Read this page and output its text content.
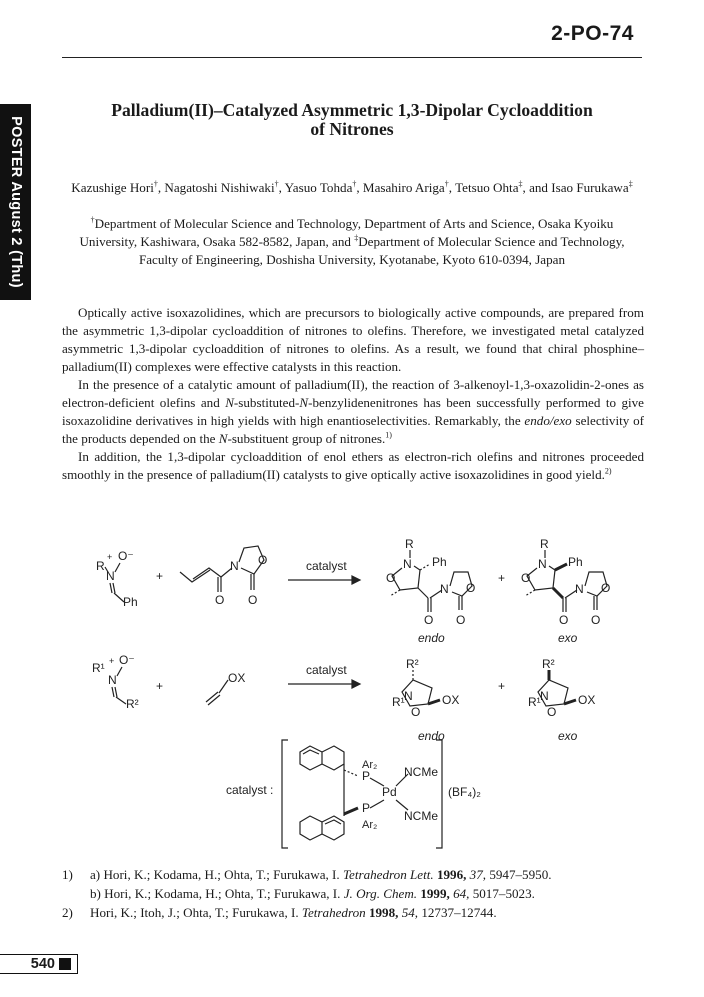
2-PO-74
POSTER August 2 (Thu)
Palladium(II)–Catalyzed Asymmetric 1,3-Dipolar Cycloaddition
of Nitrones
Kazushige Hori†, Nagatoshi Nishiwaki†, Yasuo Tohda†, Masahiro Ariga†, Tetsuo Ohta‡, and Isao Furukawa‡
†Department of Molecular Science and Technology, Department of Arts and Science, Osaka Kyoiku University, Kashiwara, Osaka 582-8582, Japan, and ‡Department of Molecular Science and Technology, Faculty of Engineering, Doshisha University, Kyotanabe, Kyoto 610-0394, Japan

Optically active isoxazolidines, which are precursors to biologically active compounds, are prepared from the asymmetric 1,3-dipolar cycloaddition of nitrones to olefins. Therefore, we investigated metal catalyzed asymmetric 1,3-dipolar cycloaddition of nitrones to olefins. As a result, we found that chiral phosphine–palladium(II) complexes were effective catalysts in this reaction.

In the presence of a catalytic amount of palladium(II), the reaction of 3-alkenoyl-1,3-oxazolidin-2-ones as electron-deficient olefins and N-substituted-N-benzylidenenitrones has been successfully performed to give isoxazolidine derivatives in high yields with high enantioselectivities. Remarkably, the endo/exo selectivity of the products depended on the N-substituent group of nitrones.$^{1)}$

In addition, the 1,3-dipolar cycloaddition of enol ethers as electron-rich olefins and nitrones proceeded smoothly in the presence of palladium(II) catalysts to give optically active isoxazolidines in good yield.$^{2)}$

R
+ O⁻
N
Ph
+
O
N O
O
catalyst
R
N
O
Ph
O
N O
O
endo
+
R
N
O
Ph
O
N O
O
exo
R¹ + O⁻
N
R²
+
OX
catalyst	R²
R¹ N
O
OX
endo
+
R²
R¹ N
O
OX
exo
catalyst :
Ar₂
P
P
Ar₂
Pd
NCMe
NCMe
(BF₄)₂
1)	a) Hori, K.; Kodama, H.; Ohta, T.; Furukawa, I. Tetrahedron Lett. 1996, 37, 5947–5950.
b) Hori, K.; Kodama, H.; Ohta, T.; Furukawa, I. J. Org. Chem. 1999, 64, 5017–5023.
2)	Hori, K.; Itoh, J.; Ohta, T.; Furukawa, I. Tetrahedron 1998, 54, 12737–12744.
540
